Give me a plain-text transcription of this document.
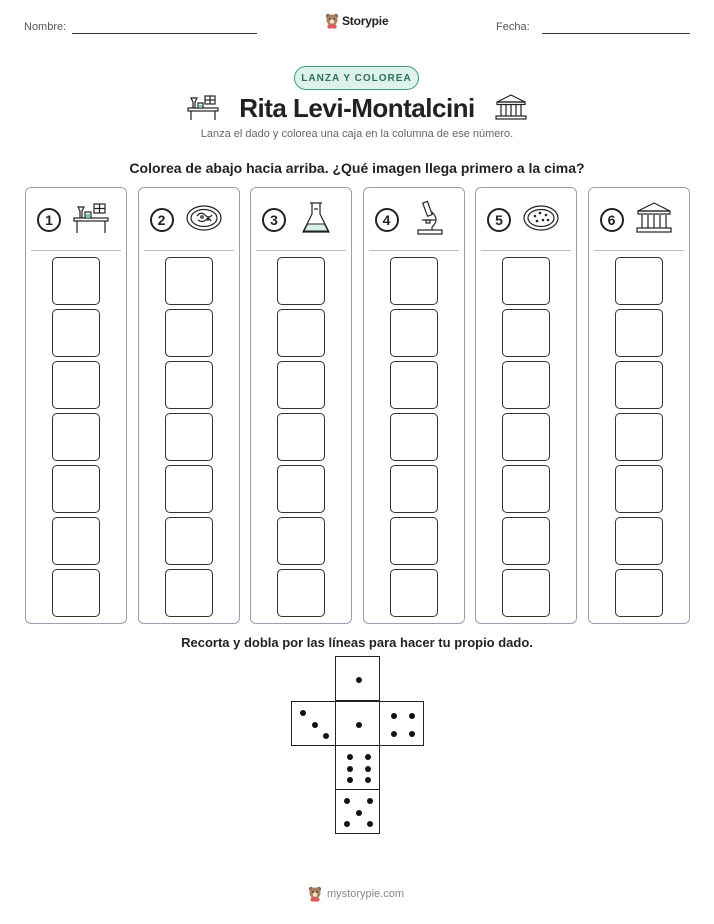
Nombre:	Storypie	Fecha:
LANZA Y COLOREA
Rita Levi-Montalcini
Lanza el dado y colorea una caja en la columna de ese número.
Colorea de abajo hacia arriba. ¿Qué imagen llega primero a la cima?
1	2	3	4	5	6
Recorta y dobla por las líneas para hacer tu propio dado.
mystorypie.com
